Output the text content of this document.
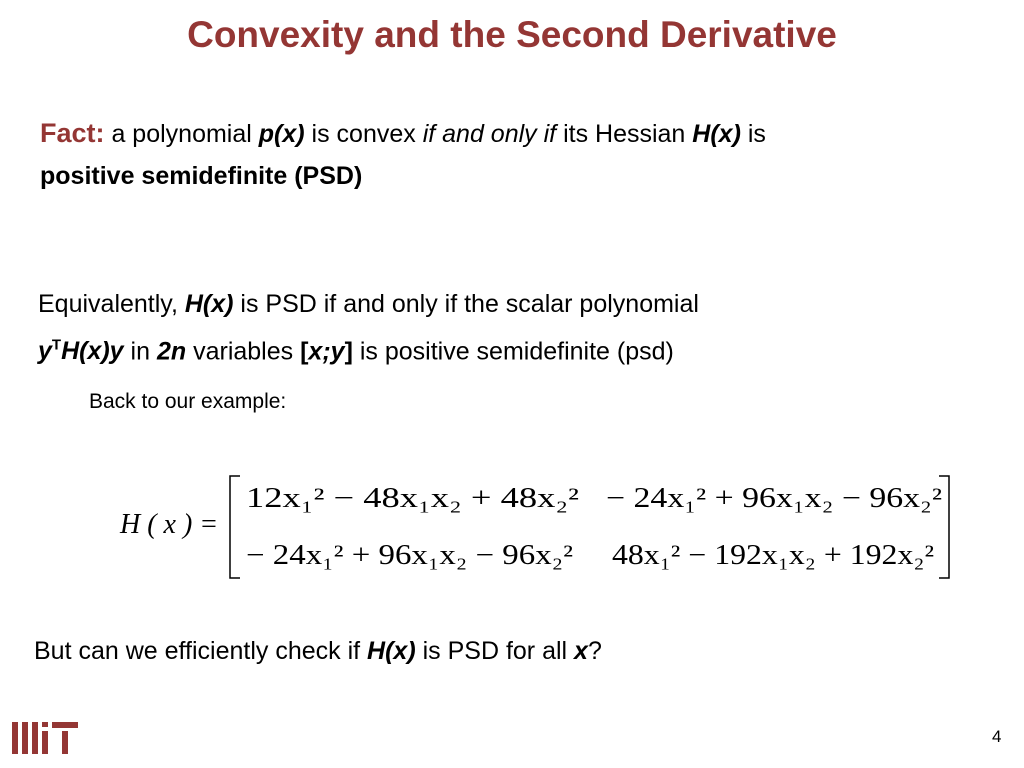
Convexity and the Second Derivative
Fact: a polynomial p(x) is convex if and only if its Hessian H(x) is
positive semidefinite (PSD)
Equivalently, H(x) is PSD if and only if the scalar polynomial
$y^TH(x)y$ in 2n variables [x;y] is positive semidefinite (psd)
Back to our example:
H ( x ) =
12x₁² − 48x₁x₂ + 48x₂² − 24x₁² + 96x₁x₂ − 96x₂²
− 24x₁² + 96x₁x₂ − 96x₂² 48x₁² − 192x₁x₂ + 192x₂²
But can we efficiently check if H(x) is PSD for all x?
4
